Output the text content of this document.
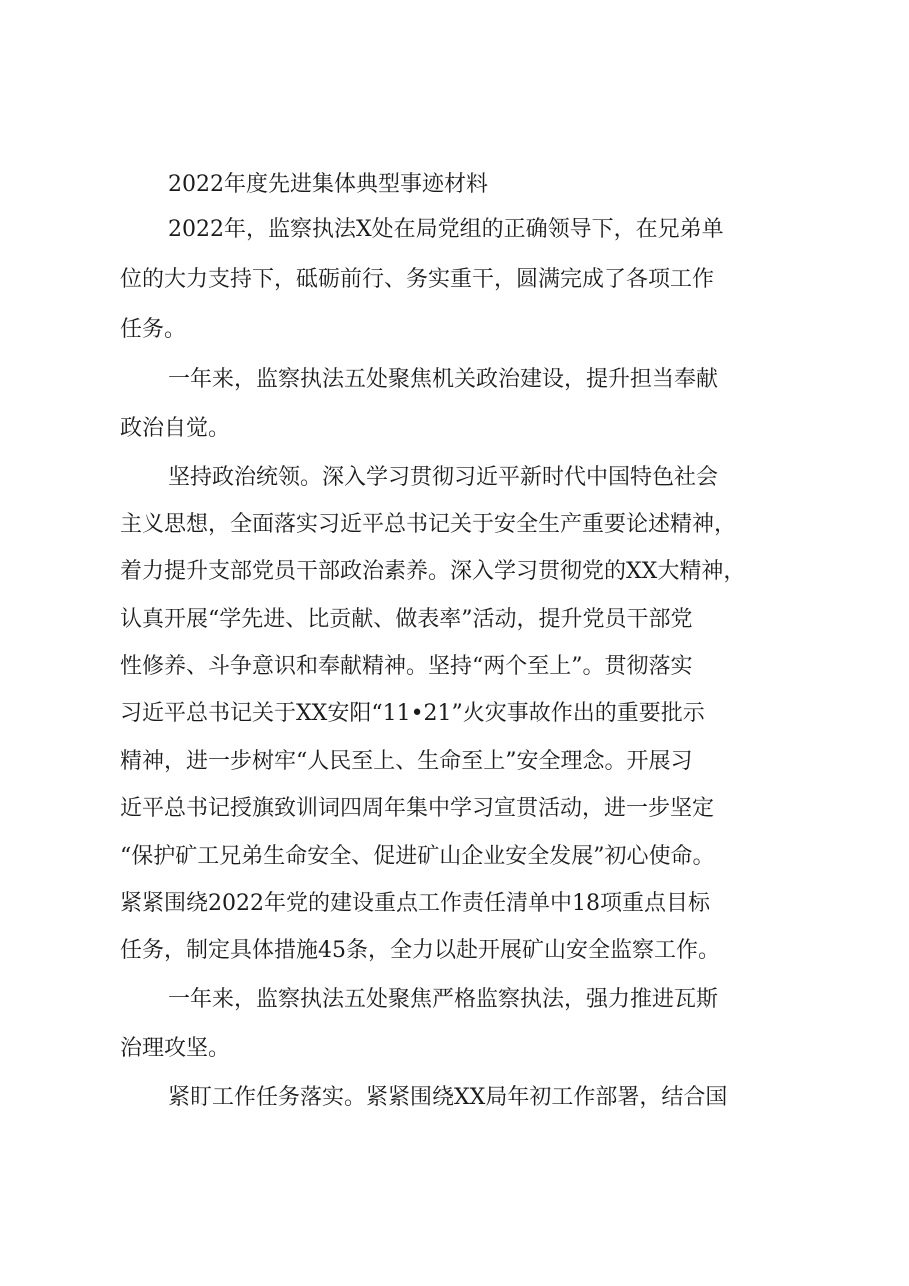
2022年度先进集体典型事迹材料
2022年，监察执法X处在局党组的正确领导下，在兄弟单
位的大力支持下，砥砺前行、务实重干，圆满完成了各项工作
任务。
一年来，监察执法五处聚焦机关政治建设，提升担当奉献
政治自觉。
坚持政治统领。深入学习贯彻习近平新时代中国特色社会
主义思想，全面落实习近平总书记关于安全生产重要论述精神，
着力提升支部党员干部政治素养。深入学习贯彻党的XX大精神，
认真开展“学先进、比贡献、做表率”活动，提升党员干部党
性修养、斗争意识和奉献精神。坚持“两个至上”。贯彻落实
习近平总书记关于XX安阳“11•21”火灾事故作出的重要批示
精神，进一步树牢“人民至上、生命至上”安全理念。开展习
近平总书记授旗致训词四周年集中学习宣贯活动，进一步坚定
“保护矿工兄弟生命安全、促进矿山企业安全发展”初心使命。
紧紧围绕2022年党的建设重点工作责任清单中18项重点目标
任务，制定具体措施45条，全力以赴开展矿山安全监察工作。
一年来，监察执法五处聚焦严格监察执法，强力推进瓦斯
治理攻坚。
紧盯工作任务落实。紧紧围绕XX局年初工作部署，结合国
